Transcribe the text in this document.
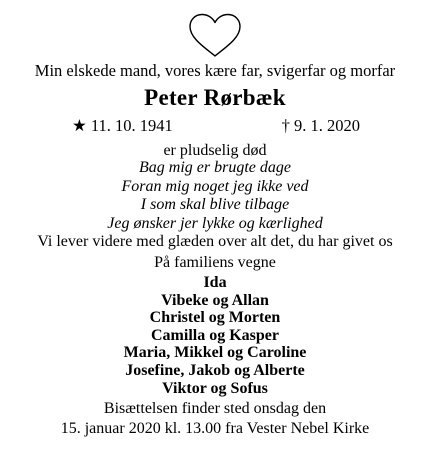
Min elskede mand, vores kære far, svigerfar og morfar
Peter Rørbæk
★ 11. 10. 1941	† 9. 1. 2020
er pludselig død
Bag mig er brugte dage
Foran mig noget jeg ikke ved
I som skal blive tilbage
Jeg ønsker jer lykke og kærlighed
Vi lever videre med glæden over alt det, du har givet os
På familiens vegne
Ida
Vibeke og Allan
Christel og Morten
Camilla og Kasper
Maria, Mikkel og Caroline
Josefine, Jakob og Alberte
Viktor og Sofus
Bisættelsen finder sted onsdag den
15. januar 2020 kl. 13.00 fra Vester Nebel Kirke
